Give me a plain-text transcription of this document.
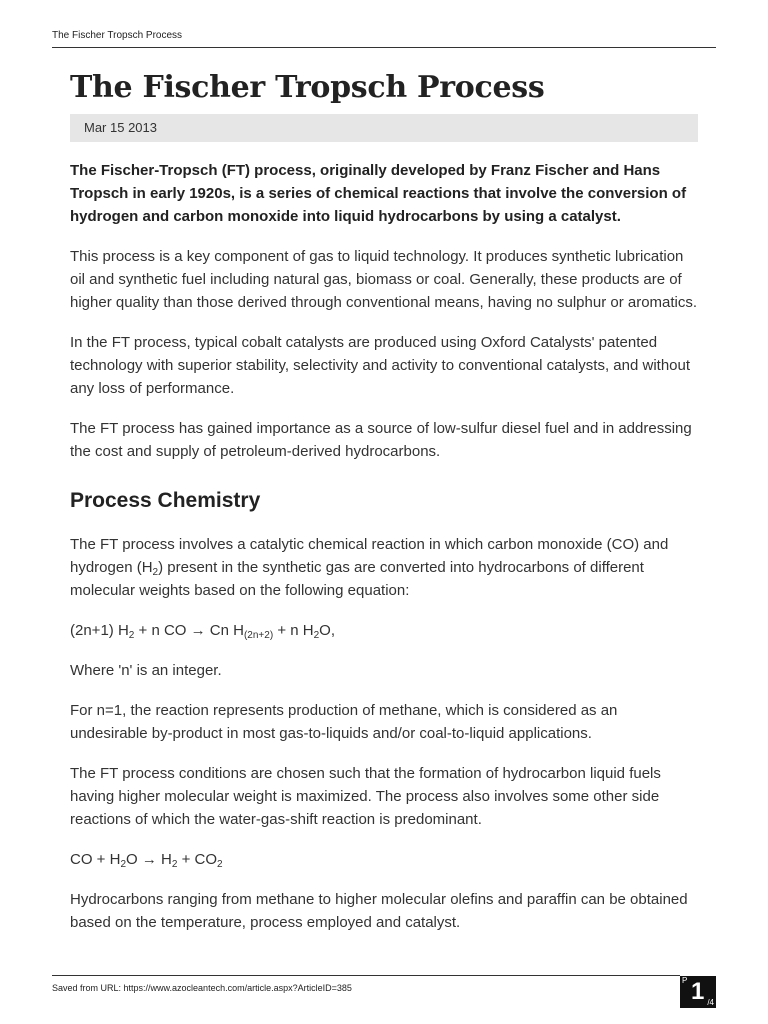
The Fischer Tropsch Process
The Fischer Tropsch Process
Mar 15 2013

The Fischer-Tropsch (FT) process, originally developed by Franz Fischer and Hans Tropsch in early 1920s, is a series of chemical reactions that involve the conversion of hydrogen and carbon monoxide into liquid hydrocarbons by using a catalyst.

This process is a key component of gas to liquid technology. It produces synthetic lubrication oil and synthetic fuel including natural gas, biomass or coal. Generally, these products are of higher quality than those derived through conventional means, having no sulphur or aromatics.

In the FT process, typical cobalt catalysts are produced using Oxford Catalysts' patented technology with superior stability, selectivity and activity to conventional catalysts, and without any loss of performance.

The FT process has gained importance as a source of low-sulfur diesel fuel and in addressing the cost and supply of petroleum-derived hydrocarbons.

Process Chemistry

The FT process involves a catalytic chemical reaction in which carbon monoxide (CO) and hydrogen $(H_2)$ present in the synthetic gas are converted into hydrocarbons of different molecular weights based on the following equation:

(2n+1) $H_2 + n$ CO → Cn $H_{(2n+2)} + n$ $H_2O$,

Where 'n' is an integer.

For n=1, the reaction represents production of methane, which is considered as an undesirable by-product in most gas-to-liquids and/or coal-to-liquid applications.

The FT process conditions are chosen such that the formation of hydrocarbon liquid fuels having higher molecular weight is maximized. The process also involves some other side reactions of which the water-gas-shift reaction is predominant.

CO + $H_2O \to H_2 + CO_2$

Hydrocarbons ranging from methane to higher molecular olefins and paraffin can be obtained based on the temperature, process employed and catalyst.

Saved from URL: https://www.azocleantech.com/article.aspx?ArticleID=385
P 1 /4
